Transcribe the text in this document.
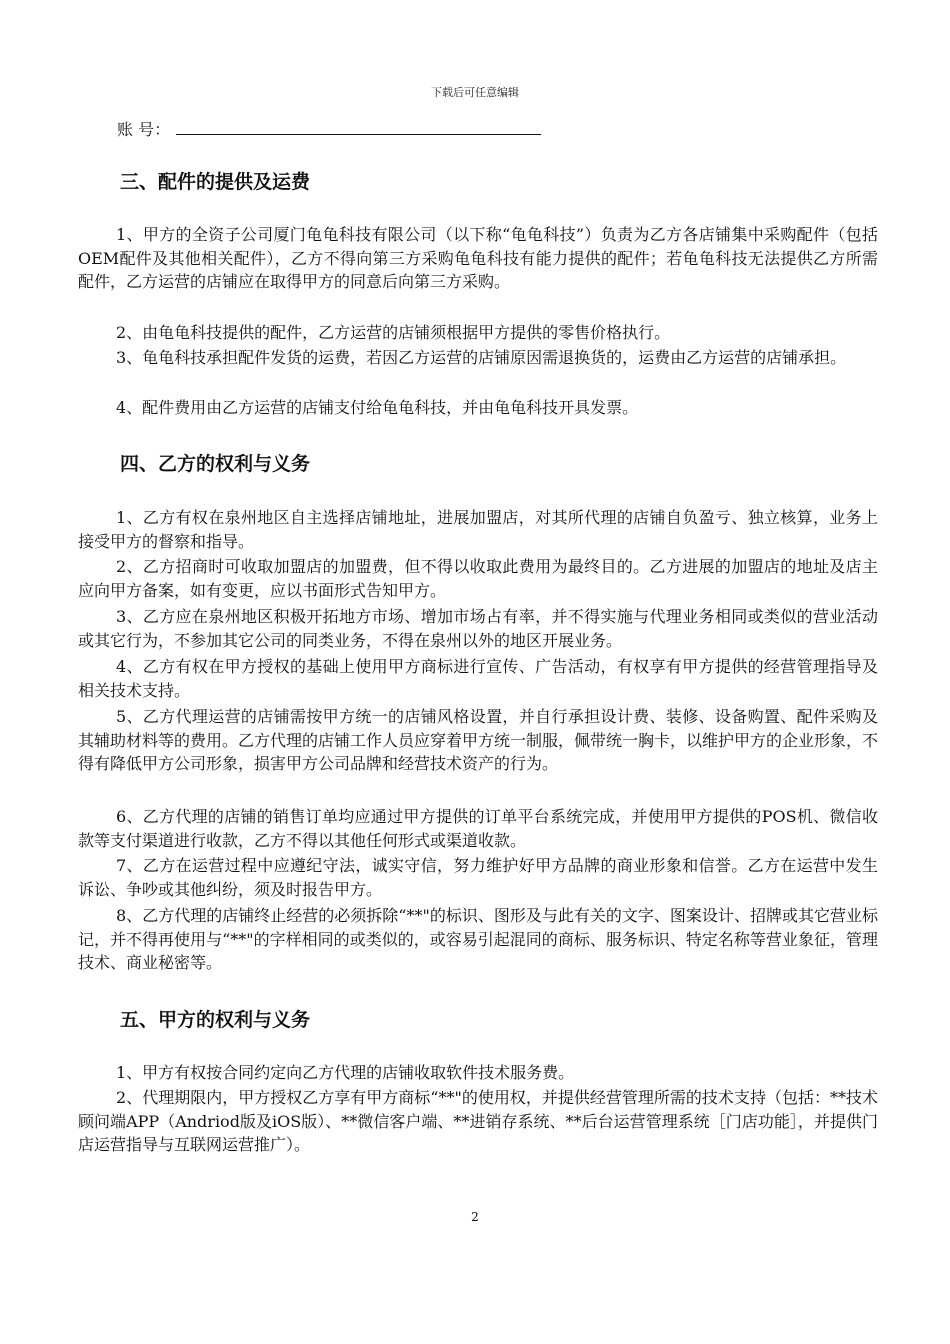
下载后可任意编辑
账 号：
三、配件的提供及运费
1、甲方的全资子公司厦门龟龟科技有限公司（以下称“龟龟科技”）负责为乙方各店铺集中采购配件（包括OEM配件及其他相关配件），乙方不得向第三方采购龟龟科技有能力提供的配件；若龟龟科技无法提供乙方所需配件，乙方运营的店铺应在取得甲方的同意后向第三方采购。
2、由龟龟科技提供的配件，乙方运营的店铺须根据甲方提供的零售价格执行。
3、龟龟科技承担配件发货的运费，若因乙方运营的店铺原因需退换货的，运费由乙方运营的店铺承担。
4、配件费用由乙方运营的店铺支付给龟龟科技，并由龟龟科技开具发票。
四、乙方的权利与义务
1、乙方有权在泉州地区自主选择店铺地址，进展加盟店，对其所代理的店铺自负盈亏、独立核算，业务上接受甲方的督察和指导。
2、乙方招商时可收取加盟店的加盟费，但不得以收取此费用为最终目的。乙方进展的加盟店的地址及店主应向甲方备案，如有变更，应以书面形式告知甲方。
3、乙方应在泉州地区积极开拓地方市场、增加市场占有率，并不得实施与代理业务相同或类似的营业活动或其它行为，不参加其它公司的同类业务，不得在泉州以外的地区开展业务。
4、乙方有权在甲方授权的基础上使用甲方商标进行宣传、广告活动，有权享有甲方提供的经营管理指导及相关技术支持。
5、乙方代理运营的店铺需按甲方统一的店铺风格设置，并自行承担设计费、装修、设备购置、配件采购及其辅助材料等的费用。乙方代理的店铺工作人员应穿着甲方统一制服，佩带统一胸卡，以维护甲方的企业形象，不得有降低甲方公司形象，损害甲方公司品牌和经营技术资产的行为。
6、乙方代理的店铺的销售订单均应通过甲方提供的订单平台系统完成，并使用甲方提供的POS机、微信收款等支付渠道进行收款，乙方不得以其他任何形式或渠道收款。
7、乙方在运营过程中应遵纪守法，诚实守信，努力维护好甲方品牌的商业形象和信誉。乙方在运营中发生诉讼、争吵或其他纠纷，须及时报告甲方。
8、乙方代理的店铺终止经营的必须拆除“**"的标识、图形及与此有关的文字、图案设计、招牌或其它营业标记，并不得再使用与“**"的字样相同的或类似的，或容易引起混同的商标、服务标识、特定名称等营业象征，管理技术、商业秘密等。
五、甲方的权利与义务
1、甲方有权按合同约定向乙方代理的店铺收取软件技术服务费。
2、代理期限内，甲方授权乙方享有甲方商标“**"的使用权，并提供经营管理所需的技术支持（包括：**技术顾问端APP（Andriod版及iOS版）、**微信客户端、**进销存系统、**后台运营管理系统［门店功能］，并提供门店运营指导与互联网运营推广）。
2
